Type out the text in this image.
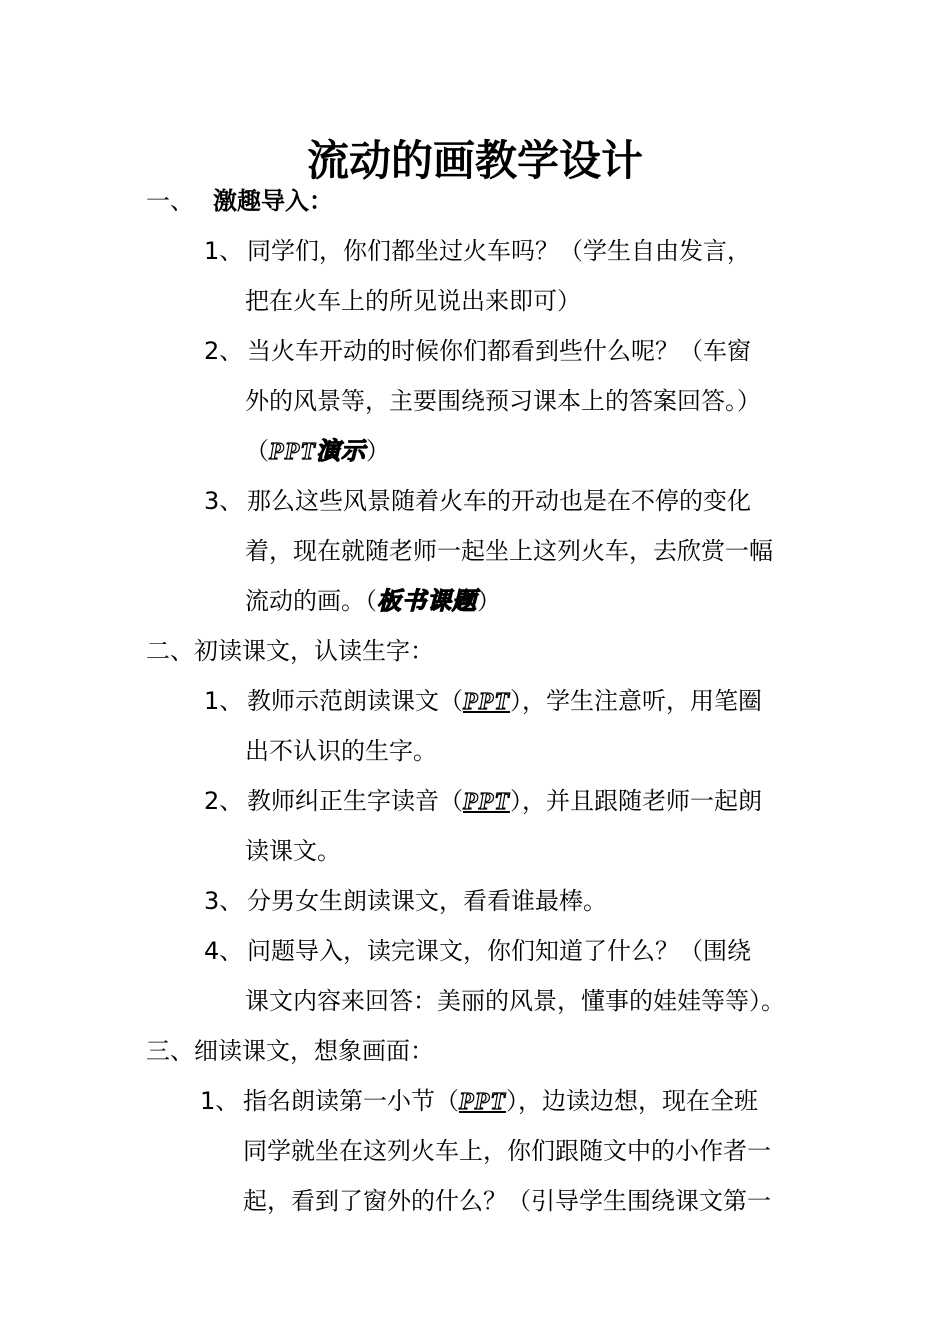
流动的画教学设计
一、 激趣导入：
1、 同学们，你们都坐过火车吗？（学生自由发言，
把在火车上的所见说出来即可）
2、 当火车开动的时候你们都看到些什么呢？（车窗
外的风景等，主要围绕预习课本上的答案回答。）
（PPT演示）
3、 那么这些风景随着火车的开动也是在不停的变化
着，现在就随老师一起坐上这列火车，去欣赏一幅
流动的画。（板书课题）
二、初读课文，认读生字：
1、 教师示范朗读课文（PPT），学生注意听，用笔圈
出不认识的生字。
2、 教师纠正生字读音（PPT），并且跟随老师一起朗
读课文。
3、 分男女生朗读课文，看看谁最棒。
4、 问题导入，读完课文，你们知道了什么？（围绕
课文内容来回答：美丽的风景，懂事的娃娃等等）。
三、细读课文，想象画面：
1、 指名朗读第一小节（PPT），边读边想，现在全班
同学就坐在这列火车上，你们跟随文中的小作者一
起，看到了窗外的什么？（引导学生围绕课文第一
